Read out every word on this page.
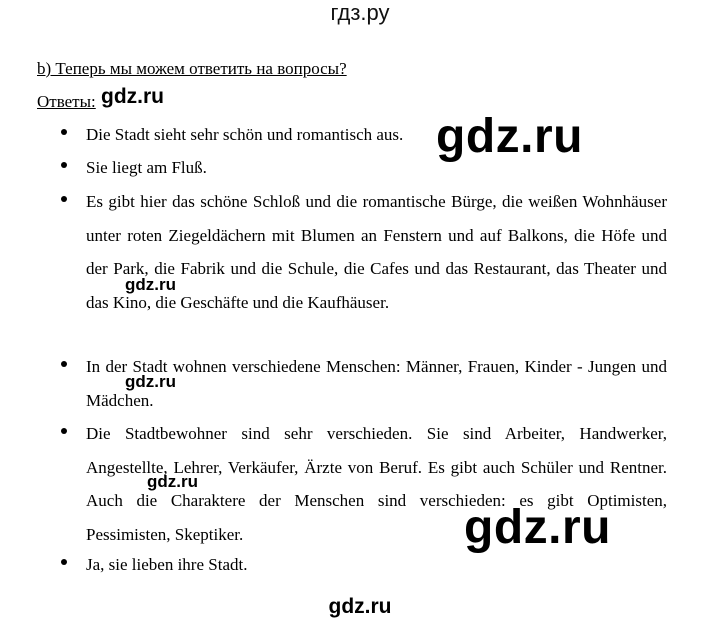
гдз.ру
b) Теперь мы можем ответить на вопросы?
Ответы:
Die Stadt sieht sehr schön und romantisch aus.
Sie liegt am Fluß.
Es gibt hier das schöne Schloß und die romantische Bürge, die weißen Wohnhäuser unter roten Ziegeldächern mit Blumen an Fenstern und auf Balkons, die Höfe und der Park, die Fabrik und die Schule, die Cafes und das Restaurant, das Theater und das Kino, die Geschäfte und die Kaufhäuser.
In der Stadt wohnen verschiedene Menschen: Männer, Frauen, Kinder - Jungen und Mädchen.
Die Stadtbewohner sind sehr verschieden. Sie sind Arbeiter, Handwerker, Angestellte, Lehrer, Verkäufer, Ärzte von Beruf. Es gibt auch Schüler und Rentner. Auch die Charaktere der Menschen sind verschieden: es gibt Optimisten, Pessimisten, Skeptiker.
Ja, sie lieben ihre Stadt.
gdz.ru
gdz.ru
gdz.ru
gdz.ru
gdz.ru
gdz.ru
gdz.ru
